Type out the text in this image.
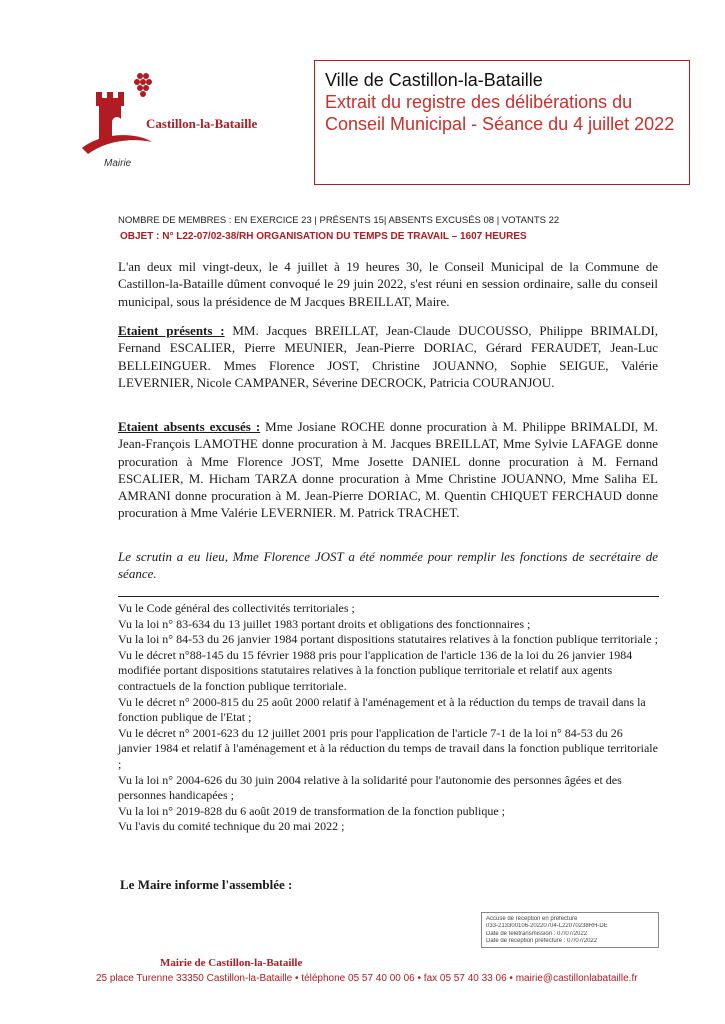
Castillon-la-Bataille
Mairie
Ville de Castillon-la-Bataille
Extrait du registre des délibérations du Conseil Municipal - Séance du 4 juillet 2022
NOMBRE DE MEMBRES : EN EXERCICE 23 | PRÉSENTS 15| ABSENTS EXCUSÉS 08 | VOTANTS 22
OBJET : N° L22-07/02-38/RH ORGANISATION DU TEMPS DE TRAVAIL – 1607 HEURES
L'an deux mil vingt-deux, le 4 juillet à 19 heures 30, le Conseil Municipal de la Commune de Castillon-la-Bataille dûment convoqué le 29 juin 2022, s'est réuni en session ordinaire, salle du conseil municipal, sous la présidence de M Jacques BREILLAT, Maire.
Etaient présents : MM. Jacques BREILLAT, Jean-Claude DUCOUSSO, Philippe BRIMALDI, Fernand ESCALIER, Pierre MEUNIER, Jean-Pierre DORIAC, Gérard FERAUDET, Jean-Luc BELLEINGUER. Mmes Florence JOST, Christine JOUANNO, Sophie SEIGUE, Valérie LEVERNIER, Nicole CAMPANER, Séverine DECROCK, Patricia COURANJOU.
Etaient absents excusés : Mme Josiane ROCHE donne procuration à M. Philippe BRIMALDI, M. Jean-François LAMOTHE donne procuration à M. Jacques BREILLAT, Mme Sylvie LAFAGE donne procuration à Mme Florence JOST, Mme Josette DANIEL donne procuration à M. Fernand ESCALIER, M. Hicham TARZA donne procuration à Mme Christine JOUANNO, Mme Saliha EL AMRANI donne procuration à M. Jean-Pierre DORIAC, M. Quentin CHIQUET FERCHAUD donne procuration à Mme Valérie LEVERNIER. M. Patrick TRACHET.
Le scrutin a eu lieu, Mme Florence JOST a été nommée pour remplir les fonctions de secrétaire de séance.
Vu le Code général des collectivités territoriales ;
Vu la loi n° 83-634 du 13 juillet 1983 portant droits et obligations des fonctionnaires ;
Vu la loi n° 84-53 du 26 janvier 1984 portant dispositions statutaires relatives à la fonction publique territoriale ;
Vu le décret n°88-145 du 15 février 1988 pris pour l'application de l'article 136 de la loi du 26 janvier 1984 modifiée portant dispositions statutaires relatives à la fonction publique territoriale et relatif aux agents contractuels de la fonction publique territoriale.
Vu le décret n° 2000-815 du 25 août 2000 relatif à l'aménagement et à la réduction du temps de travail dans la fonction publique de l'Etat ;
Vu le décret n° 2001-623 du 12 juillet 2001 pris pour l'application de l'article 7-1 de la loi n° 84-53 du 26 janvier 1984 et relatif à l'aménagement et à la réduction du temps de travail dans la fonction publique territoriale ;
Vu la loi n° 2004-626 du 30 juin 2004 relative à la solidarité pour l'autonomie des personnes âgées et des personnes handicapées ;
Vu la loi n° 2019-828 du 6 août 2019 de transformation de la fonction publique ;
Vu l'avis du comité technique du 20 mai 2022 ;
Le Maire informe l'assemblée :
Accusé de réception en préfecture
033-213300106-20220704-L22070238RH-DE
Date de télétransmission : 07/07/2022
Date de réception préfecture : 07/07/2022
Mairie de Castillon-la-Bataille
25 place Turenne 33350 Castillon-la-Bataille • téléphone 05 57 40 00 06 • fax 05 57 40 33 06 • mairie@castillonlabataille.fr
